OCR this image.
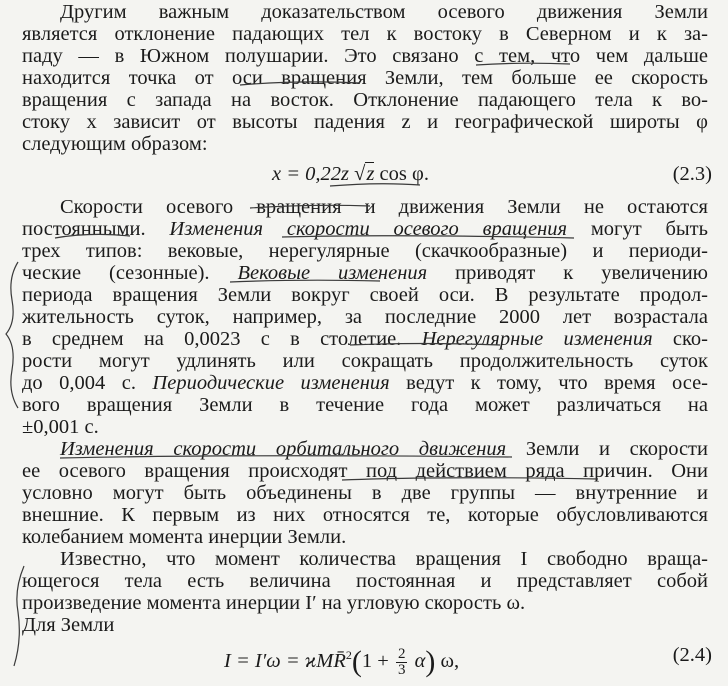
Другим важным доказательством осевого движения Земли
является отклонение падающих тел к востоку в Северном и к за-
паду — в Южном полушарии. Это связано с тем, что чем дальше
находится точка от оси вращения Земли, тем больше ее скорость
вращения с запада на восток. Отклонение падающего тела к во-
стоку x зависит от высоты падения z и географической широты φ
следующим образом:
x = 0,22z √z cos φ.	(2.3)
Скорости осевого вращения и движения Земли не остаются
постоянными. Изменения скорости осевого вращения могут быть
трех типов: вековые, нерегулярные (скачкообразные) и периоди-
ческие (сезонные). Вековые изменения приводят к увеличению
периода вращения Земли вокруг своей оси. В результате продол-
жительность суток, например, за последние 2000 лет возрастала
в среднем на 0,0023 с в столетие. Нерегулярные изменения ско-
рости могут удлинять или сокращать продолжительность суток
до 0,004 с. Периодические изменения ведут к тому, что время осе-
вого вращения Земли в течение года может различаться на
±0,001 с.
Изменения скорости орбитального движения Земли и скорости
ее осевого вращения происходят под действием ряда причин. Они
условно могут быть объединены в две группы — внутренние и
внешние. К первым из них относятся те, которые обусловливаются
колебанием момента инерции Земли.
Известно, что момент количества вращения I свободно враща-
ющегося тела есть величина постоянная и представляет собой
произведение момента инерции I′ на угловую скорость ω.
Для Земли
I = I′ω = ϰMR̄$^2$(1 + $\frac{2}{3} \alpha$) ω,	(2.4)
